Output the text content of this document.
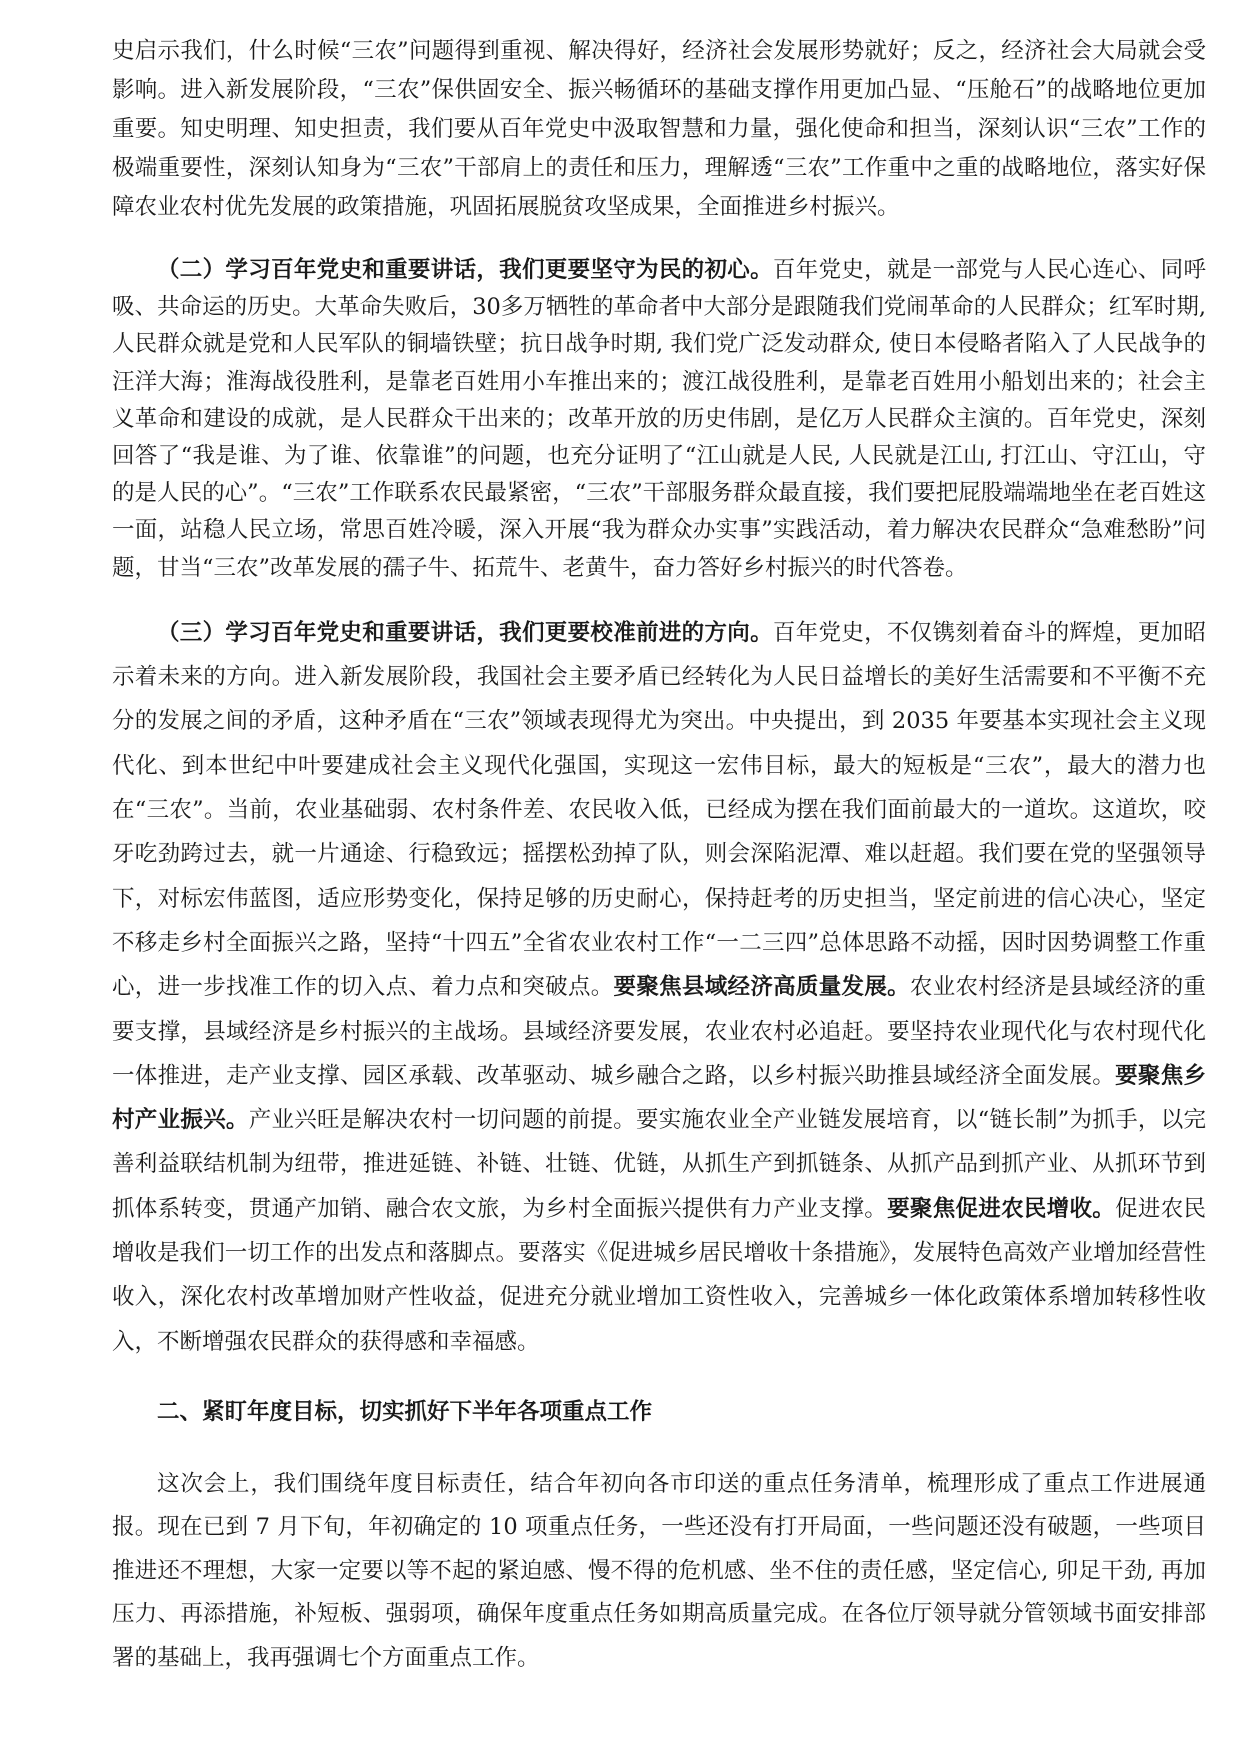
史启示我们，什么时候“三农”问题得到重视、解决得好，经济社会发展形势就好；反之，经济社会大局就会受影响。进入新发展阶段，“三农”保供固安全、振兴畅循环的基础支撑作用更加凸显、“压舱石”的战略地位更加重要。知史明理、知史担责，我们要从百年党史中汲取智慧和力量，强化使命和担当，深刻认识“三农”工作的极端重要性，深刻认知身为“三农”干部肩上的责任和压力，理解透“三农”工作重中之重的战略地位，落实好保障农业农村优先发展的政策措施，巩固拓展脱贫攻坚成果，全面推进乡村振兴。

（二）学习百年党史和重要讲话，我们更要坚守为民的初心。百年党史，就是一部党与人民心连心、同呼吸、共命运的历史。大革命失败后，30多万牺牲的革命者中大部分是跟随我们党闹革命的人民群众；红军时期, 人民群众就是党和人民军队的铜墙铁壁；抗日战争时期, 我们党广泛发动群众, 使日本侵略者陷入了人民战争的汪洋大海；淮海战役胜利，是靠老百姓用小车推出来的；渡江战役胜利，是靠老百姓用小船划出来的；社会主义革命和建设的成就，是人民群众干出来的；改革开放的历史伟剧，是亿万人民群众主演的。百年党史，深刻回答了“我是谁、为了谁、依靠谁”的问题，也充分证明了“江山就是人民, 人民就是江山, 打江山、守江山，守的是人民的心”。“三农”工作联系农民最紧密，“三农”干部服务群众最直接，我们要把屁股端端地坐在老百姓这一面，站稳人民立场，常思百姓冷暖，深入开展“我为群众办实事”实践活动，着力解决农民群众“急难愁盼”问题，甘当“三农”改革发展的孺子牛、拓荒牛、老黄牛，奋力答好乡村振兴的时代答卷。

（三）学习百年党史和重要讲话，我们更要校准前进的方向。百年党史，不仅镌刻着奋斗的辉煌，更加昭示着未来的方向。进入新发展阶段，我国社会主要矛盾已经转化为人民日益增长的美好生活需要和不平衡不充分的发展之间的矛盾，这种矛盾在“三农”领域表现得尤为突出。中央提出，到 2035 年要基本实现社会主义现代化、到本世纪中叶要建成社会主义现代化强国，实现这一宏伟目标，最大的短板是“三农”，最大的潜力也在“三农”。当前，农业基础弱、农村条件差、农民收入低，已经成为摆在我们面前最大的一道坎。这道坎，咬牙吃劲跨过去，就一片通途、行稳致远；摇摆松劲掉了队，则会深陷泥潭、难以赶超。我们要在党的坚强领导下，对标宏伟蓝图，适应形势变化，保持足够的历史耐心，保持赶考的历史担当，坚定前进的信心决心，坚定不移走乡村全面振兴之路，坚持“十四五”全省农业农村工作“一二三四”总体思路不动摇，因时因势调整工作重心，进一步找准工作的切入点、着力点和突破点。要聚焦县域经济高质量发展。农业农村经济是县域经济的重要支撑，县域经济是乡村振兴的主战场。县域经济要发展，农业农村必追赶。要坚持农业现代化与农村现代化一体推进，走产业支撑、园区承载、改革驱动、城乡融合之路，以乡村振兴助推县域经济全面发展。要聚焦乡村产业振兴。产业兴旺是解决农村一切问题的前提。要实施农业全产业链发展培育，以“链长制”为抓手，以完善利益联结机制为纽带，推进延链、补链、壮链、优链，从抓生产到抓链条、从抓产品到抓产业、从抓环节到抓体系转变，贯通产加销、融合农文旅，为乡村全面振兴提供有力产业支撑。要聚焦促进农民增收。促进农民增收是我们一切工作的出发点和落脚点。要落实《促进城乡居民增收十条措施》，发展特色高效产业增加经营性收入，深化农村改革增加财产性收益，促进充分就业增加工资性收入，完善城乡一体化政策体系增加转移性收入，不断增强农民群众的获得感和幸福感。

二、紧盯年度目标，切实抓好下半年各项重点工作

这次会上，我们围绕年度目标责任，结合年初向各市印送的重点任务清单，梳理形成了重点工作进展通报。现在已到 7 月下旬，年初确定的 10 项重点任务，一些还没有打开局面，一些问题还没有破题，一些项目推进还不理想，大家一定要以等不起的紧迫感、慢不得的危机感、坐不住的责任感，坚定信心, 卯足干劲, 再加压力、再添措施，补短板、强弱项，确保年度重点任务如期高质量完成。在各位厅领导就分管领域书面安排部署的基础上，我再强调七个方面重点工作。
